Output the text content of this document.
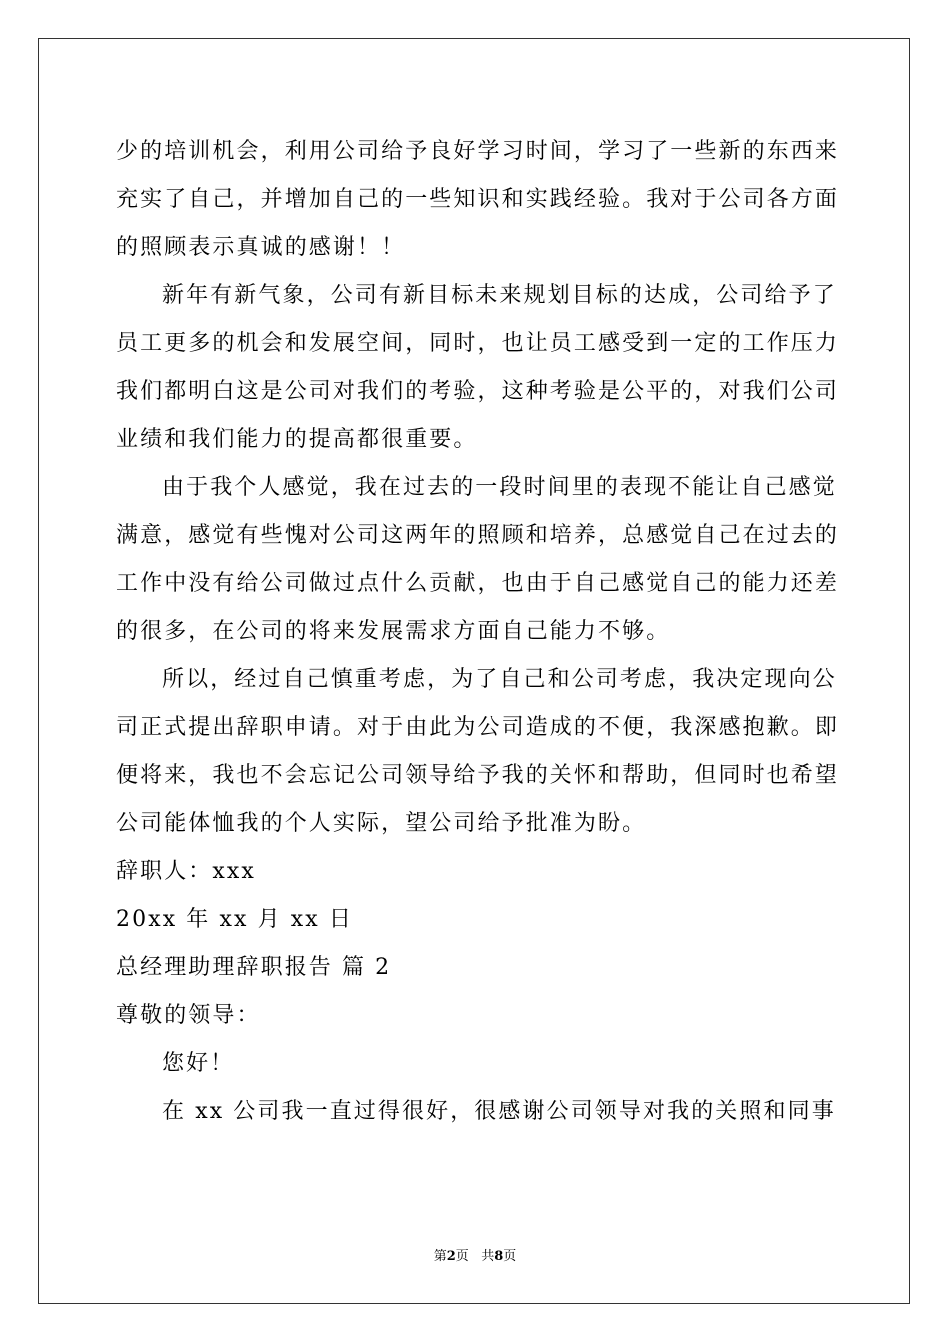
少的培训机会，利用公司给予良好学习时间，学习了一些新的东西来
充实了自己，并增加自己的一些知识和实践经验。我对于公司各方面
的照顾表示真诚的感谢！！
新年有新气象，公司有新目标未来规划目标的达成，公司给予了
员工更多的机会和发展空间，同时，也让员工感受到一定的工作压力
我们都明白这是公司对我们的考验，这种考验是公平的，对我们公司
业绩和我们能力的提高都很重要。
由于我个人感觉，我在过去的一段时间里的表现不能让自己感觉
满意，感觉有些愧对公司这两年的照顾和培养，总感觉自己在过去的
工作中没有给公司做过点什么贡献，也由于自己感觉自己的能力还差
的很多，在公司的将来发展需求方面自己能力不够。
所以，经过自己慎重考虑，为了自己和公司考虑，我决定现向公
司正式提出辞职申请。对于由此为公司造成的不便，我深感抱歉。即
便将来，我也不会忘记公司领导给予我的关怀和帮助，但同时也希望
公司能体恤我的个人实际，望公司给予批准为盼。
辞职人：xxx
20xx 年 xx 月 xx 日
总经理助理辞职报告 篇 2
尊敬的领导：
您好！
在 xx 公司我一直过得很好，很感谢公司领导对我的关照和同事
第2页 共8页
